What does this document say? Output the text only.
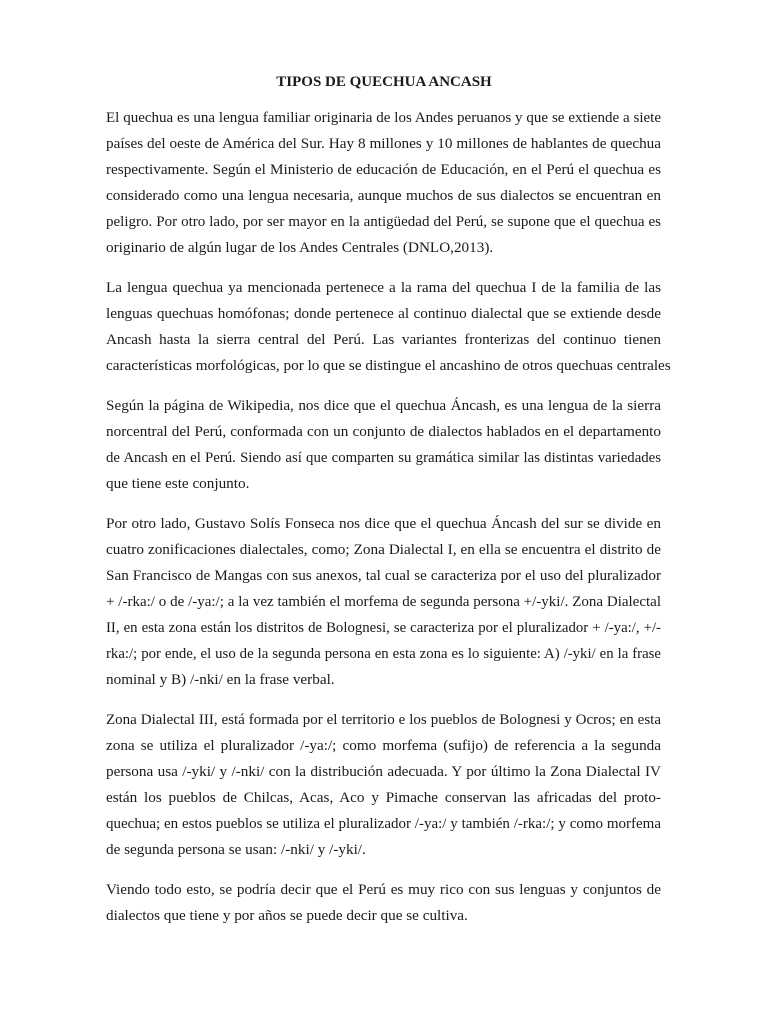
TIPOS DE QUECHUA ANCASH

El quechua es una lengua familiar originaria de los Andes peruanos y que se extiende a siete

países del oeste de América del Sur. Hay 8 millones y 10 millones de hablantes de quechua

respectivamente. Según el Ministerio de educación de Educación, en el Perú el quechua es

considerado como una lengua necesaria, aunque muchos de sus dialectos se encuentran en

peligro. Por otro lado, por ser mayor en la antigüedad del Perú, se supone que el quechua es

originario de algún lugar de los Andes Centrales (DNLO,2013).

La lengua quechua ya mencionada pertenece a la rama del quechua I de la familia de las

lenguas quechuas homófonas; donde pertenece al continuo dialectal que se extiende desde

Ancash hasta la sierra central del Perú. Las variantes fronterizas del continuo tienen

características morfológicas, por lo que se distingue el ancashino de otros quechuas centrales

Según la página de Wikipedia, nos dice que el quechua Áncash, es una lengua de la sierra

norcentral del Perú, conformada con un conjunto de dialectos hablados en el departamento

de Ancash en el Perú. Siendo así que comparten su gramática similar las distintas variedades

que tiene este conjunto.

Por otro lado, Gustavo Solís Fonseca nos dice que el quechua Áncash del sur se divide en

cuatro zonificaciones dialectales, como; Zona Dialectal I, en ella se encuentra el distrito de

San Francisco de Mangas con sus anexos, tal cual se caracteriza por el uso del pluralizador

+ /-rka:/ o de /-ya:/; a la vez también el morfema de segunda persona +/-yki/. Zona Dialectal

II, en esta zona están los distritos de Bolognesi, se caracteriza por el pluralizador + /-ya:/, +/-

rka:/; por ende, el uso de la segunda persona en esta zona es lo siguiente: A) /-yki/ en la frase

nominal y B) /-nki/ en la frase verbal.

Zona Dialectal III, está formada por el territorio e los pueblos de Bolognesi y Ocros; en esta

zona se utiliza el pluralizador /-ya:/; como morfema (sufijo) de referencia a la segunda

persona usa /-yki/ y /-nki/ con la distribución adecuada. Y por último la Zona Dialectal IV

están los pueblos de Chilcas, Acas, Aco y Pimache conservan las africadas del proto-

quechua; en estos pueblos se utiliza el pluralizador /-ya:/ y también /-rka:/; y como morfema

de segunda persona se usan: /-nki/ y /-yki/.

Viendo todo esto, se podría decir que el Perú es muy rico con sus lenguas y conjuntos de

dialectos que tiene y por años se puede decir que se cultiva.
